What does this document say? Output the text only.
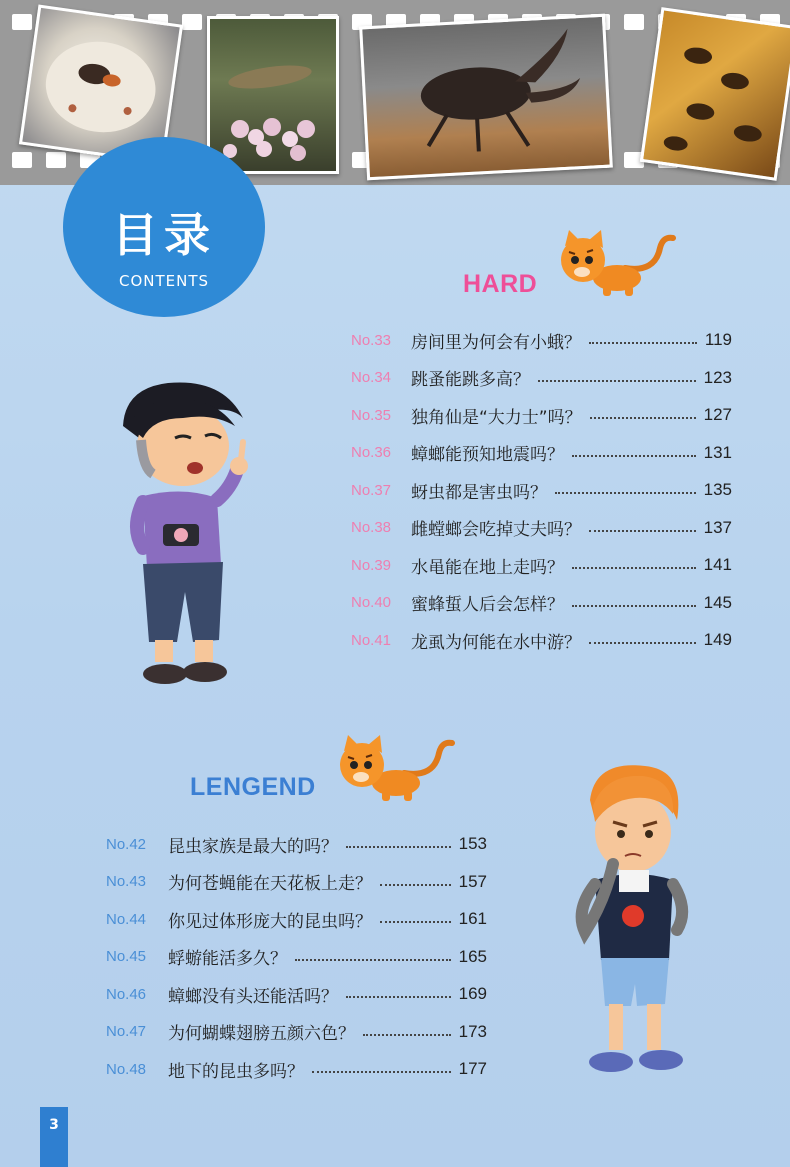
目录
CONTENTS	HARD
No.33	房间里为何会有小蛾？	119
No.34	跳蚤能跳多高？	123
No.35	独角仙是“大力士”吗？	127
No.36	蟑螂能预知地震吗？	131
No.37	蚜虫都是害虫吗？	135
No.38	雌螳螂会吃掉丈夫吗？	137
No.39	水黾能在地上走吗？	141
No.40	蜜蜂蜇人后会怎样？	145
No.41	龙虱为何能在水中游？	149
LENGEND
No.42	昆虫家族是最大的吗？	153
No.43	为何苍蝇能在天花板上走？	157
No.44	你见过体形庞大的昆虫吗？	161
No.45	蜉蝣能活多久？	165
No.46	蟑螂没有头还能活吗？	169
No.47	为何蝴蝶翅膀五颜六色？	173
No.48	地下的昆虫多吗？	177
3
